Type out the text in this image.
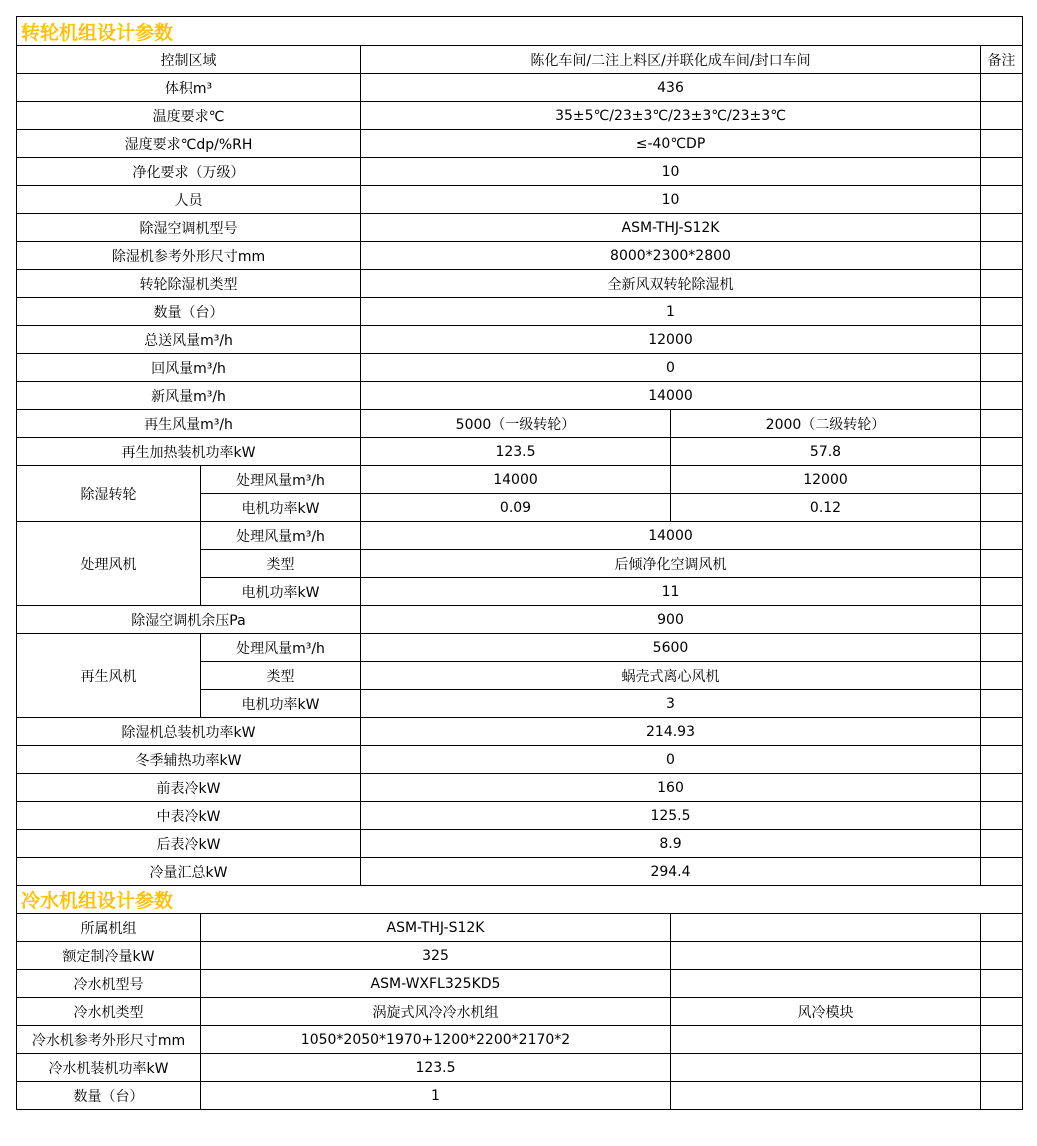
转轮机组设计参数				
控制区域		陈化车间/二注上料区/并联化成车间/封口车间		备注
体积m³		436		
温度要求℃		35±5℃/23±3℃/23±3℃/23±3℃		
湿度要求℃dp/%RH		≤-40℃DP		
净化要求（万级）		10		
人员		10		
除湿空调机型号		ASM-THJ-S12K		
除湿机参考外形尺寸mm		8000*2300*2800		
转轮除湿机类型		全新风双转轮除湿机		
数量（台）		1		
总送风量m³/h		12000		
回风量m³/h		0		
新风量m³/h		14000		
再生风量m³/h		5000（一级转轮）	2000（二级转轮）	
再生加热装机功率kW		123.5	57.8	
除湿转轮	处理风量m³/h	14000	12000	
	电机功率kW	0.09	0.12	
处理风机	处理风量m³/h	14000		
	类型	后倾净化空调风机		
	电机功率kW	11		
除湿空调机余压Pa		900		
再生风机	处理风量m³/h	5600		
	类型	蜗壳式离心风机		
	电机功率kW	3		
除湿机总装机功率kW		214.93		
冬季辅热功率kW		0		
前表冷kW		160		
中表冷kW		125.5		
后表冷kW		8.9		
冷量汇总kW		294.4		
冷水机组设计参数				
所属机组	ASM-THJ-S12K			
额定制冷量kW	325			
冷水机型号	ASM-WXFL325KD5			
冷水机类型	涡旋式风冷冷水机组		风冷模块	
冷水机参考外形尺寸mm	1050*2050*1970+1200*2200*2170*2			
冷水机装机功率kW	123.5			
数量（台）	1			
